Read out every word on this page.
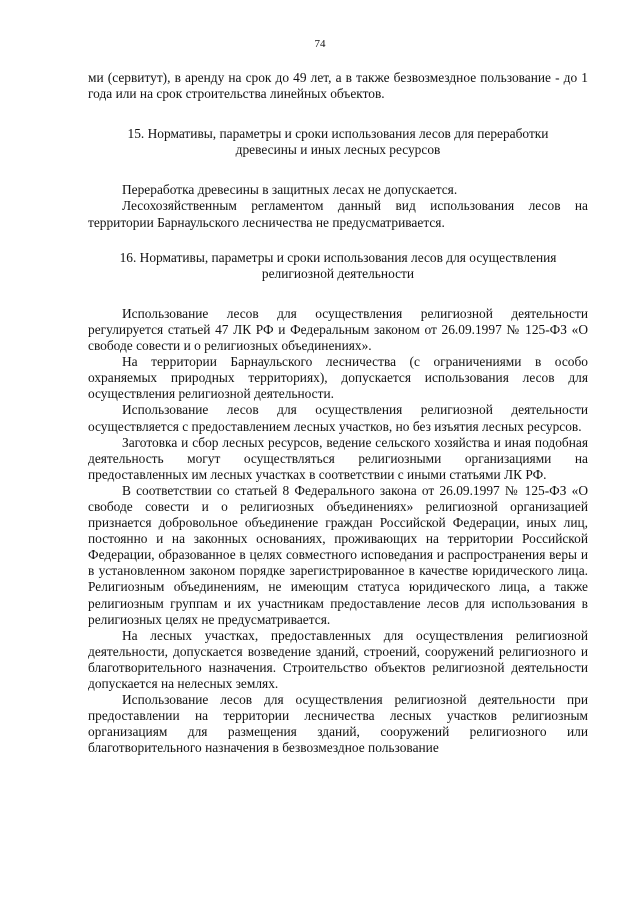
74

ми (сервитут), в аренду на срок до 49 лет, а в также безвозмездное пользование - до 1 года или на срок строительства линейных объектов.

15. Нормативы, параметры и сроки использования лесов для переработки древесины и иных лесных ресурсов

Переработка древесины в защитных лесах не допускается.

Лесохозяйственным регламентом данный вид использования лесов на территории Барнаульского лесничества не предусматривается.

16. Нормативы, параметры и сроки использования лесов для осуществления религиозной деятельности

Использование лесов для осуществления религиозной деятельности регулируется статьей 47 ЛК РФ и Федеральным законом от 26.09.1997 № 125-ФЗ «О свободе совести и о религиозных объединениях».

На территории Барнаульского лесничества (с ограничениями в особо охраняемых природных территориях), допускается использования лесов для осуществления религиозной деятельности.

Использование лесов для осуществления религиозной деятельности осуществляется с предоставлением лесных участков, но без изъятия лесных ресурсов.

Заготовка и сбор лесных ресурсов, ведение сельского хозяйства и иная подобная деятельность могут осуществляться религиозными организациями на предоставленных им лесных участках в соответствии с иными статьями ЛК РФ.

В соответствии со статьей 8 Федерального закона от 26.09.1997 № 125-ФЗ «О свободе совести и о религиозных объединениях» религиозной организацией признается добровольное объединение граждан Российской Федерации, иных лиц, постоянно и на законных основаниях, проживающих на территории Российской Федерации, образованное в целях совместного исповедания и распространения веры и в установленном законом порядке зарегистрированное в качестве юридического лица. Религиозным объединениям, не имеющим статуса юридического лица, а также религиозным группам и их участникам предоставление лесов для использования в религиозных целях не предусматривается.

На лесных участках, предоставленных для осуществления религиозной деятельности, допускается возведение зданий, строений, сооружений религиозного и благотворительного назначения. Строительство объектов религиозной деятельности допускается на нелесных землях.

Использование лесов для осуществления религиозной деятельности при предоставлении на территории лесничества лесных участков религиозным организациям для размещения зданий, сооружений религиозного или благотворительного назначения в безвозмездное пользование
